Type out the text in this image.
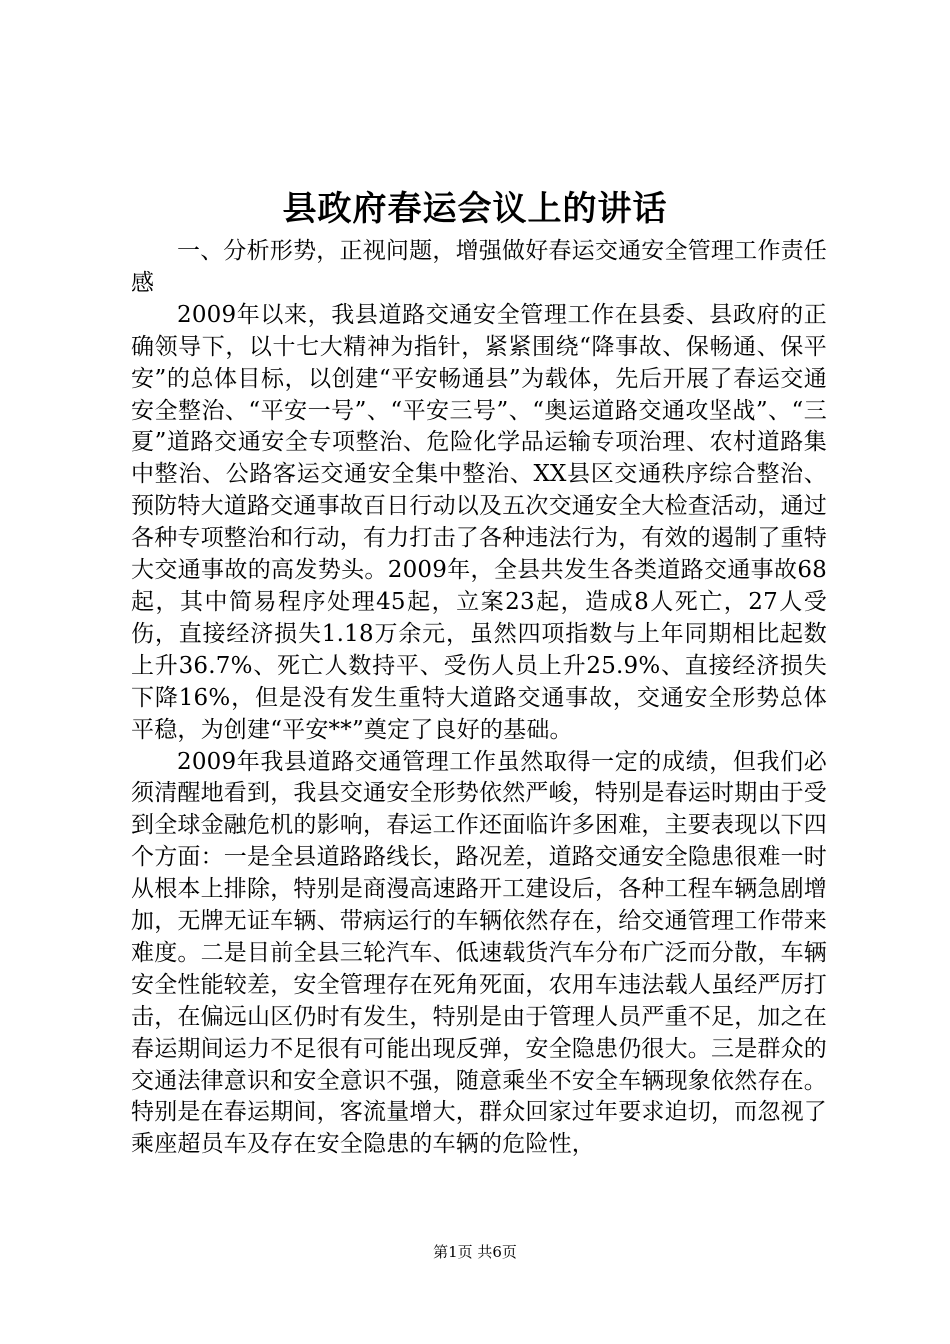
县政府春运会议上的讲话

一、分析形势，正视问题，增强做好春运交通安全管理工作责任感

2009年以来，我县道路交通安全管理工作在县委、县政府的正确领导下，以十七大精神为指针，紧紧围绕“降事故、保畅通、保平安”的总体目标，以创建“平安畅通县”为载体，先后开展了春运交通安全整治、“平安一号”、“平安三号”、“奥运道路交通攻坚战”、“三夏”道路交通安全专项整治、危险化学品运输专项治理、农村道路集中整治、公路客运交通安全集中整治、XX县区交通秩序综合整治、预防特大道路交通事故百日行动以及五次交通安全大检查活动，通过各种专项整治和行动，有力打击了各种违法行为，有效的遏制了重特大交通事故的高发势头。2009年，全县共发生各类道路交通事故68起，其中简易程序处理45起，立案23起，造成8人死亡，27人受伤，直接经济损失1.18万余元，虽然四项指数与上年同期相比起数上升36.7%、死亡人数持平、受伤人员上升25.9%、直接经济损失下降16%，但是没有发生重特大道路交通事故，交通安全形势总体平稳，为创建“平安**”奠定了良好的基础。

2009年我县道路交通管理工作虽然取得一定的成绩，但我们必须清醒地看到，我县交通安全形势依然严峻，特别是春运时期由于受到全球金融危机的影响，春运工作还面临许多困难，主要表现以下四个方面：一是全县道路路线长，路况差，道路交通安全隐患很难一时从根本上排除，特别是商漫高速路开工建设后，各种工程车辆急剧增加，无牌无证车辆、带病运行的车辆依然存在，给交通管理工作带来难度。二是目前全县三轮汽车、低速载货汽车分布广泛而分散，车辆安全性能较差，安全管理存在死角死面，农用车违法载人虽经严厉打击，在偏远山区仍时有发生，特别是由于管理人员严重不足，加之在春运期间运力不足很有可能出现反弹，安全隐患仍很大。三是群众的交通法律意识和安全意识不强，随意乘坐不安全车辆现象依然存在。特别是在春运期间，客流量增大，群众回家过年要求迫切，而忽视了乘座超员车及存在安全隐患的车辆的危险性，

第1页 共6页
